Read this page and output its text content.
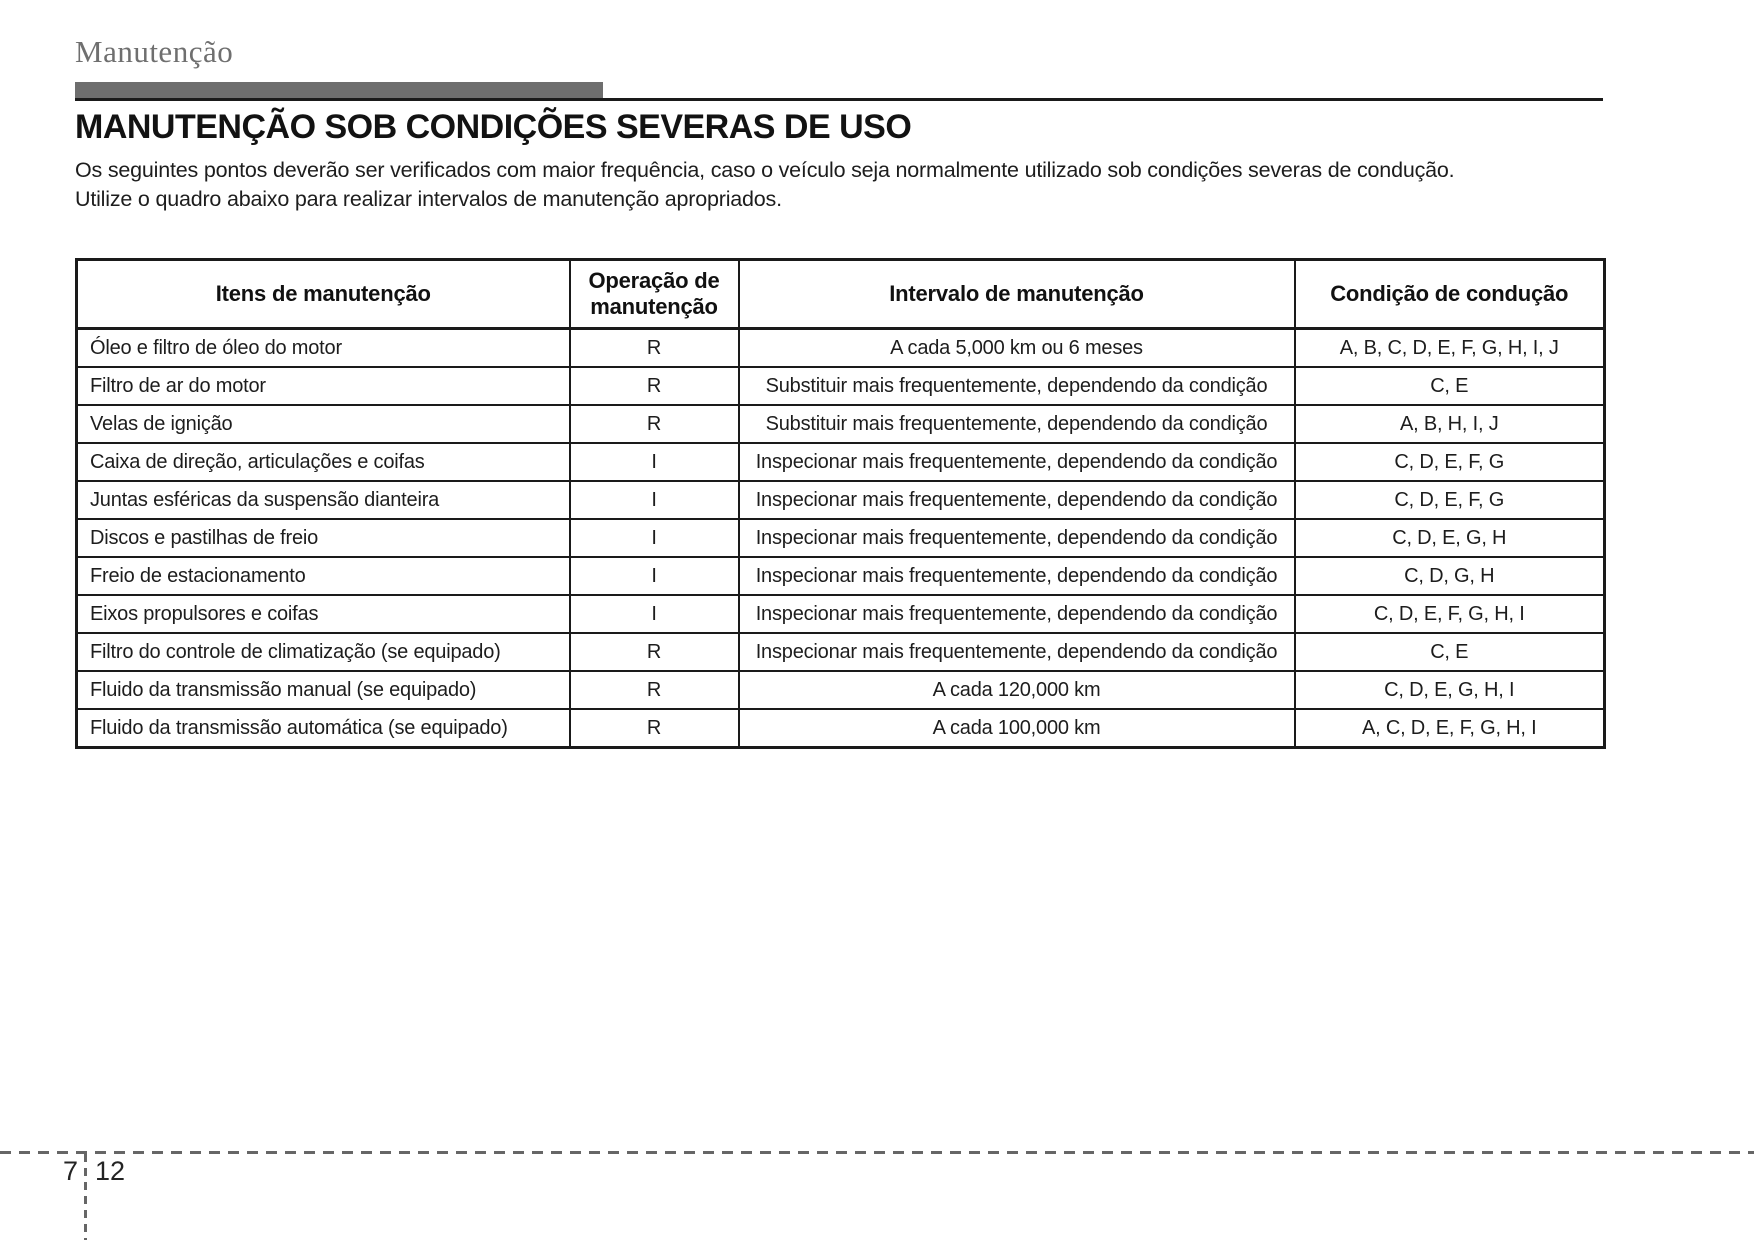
Manutenção
MANUTENÇÃO SOB CONDIÇÕES SEVERAS DE USO
Os seguintes pontos deverão ser verificados com maior frequência, caso o veículo seja normalmente utilizado sob condições severas de condução.
Utilize o quadro abaixo para realizar intervalos de manutenção apropriados.
Itens de manutenção	Operação de manutenção	Intervalo de manutenção	Condição de condução
Óleo e filtro de óleo do motor	R	A cada 5,000 km ou 6 meses	A, B, C, D, E, F, G, H, I, J
Filtro de ar do motor	R	Substituir mais frequentemente, dependendo da condição	C, E
Velas de ignição	R	Substituir mais frequentemente, dependendo da condição	A, B, H, I, J
Caixa de direção, articulações e coifas	I	Inspecionar mais frequentemente, dependendo da condição	C, D, E, F, G
Juntas esféricas da suspensão dianteira	I	Inspecionar mais frequentemente, dependendo da condição	C, D, E, F, G
Discos e pastilhas de freio	I	Inspecionar mais frequentemente, dependendo da condição	C, D, E, G, H
Freio de estacionamento	I	Inspecionar mais frequentemente, dependendo da condição	C, D, G, H
Eixos propulsores e coifas	I	Inspecionar mais frequentemente, dependendo da condição	C, D, E, F, G, H, I
Filtro do controle de climatização (se equipado)	R	Inspecionar mais frequentemente, dependendo da condição	C, E
Fluido da transmissão manual (se equipado)	R	A cada 120,000 km	C, D, E, G, H, I
Fluido da transmissão automática (se equipado)	R	A cada 100,000 km	A, C, D, E, F, G, H, I
7 12
